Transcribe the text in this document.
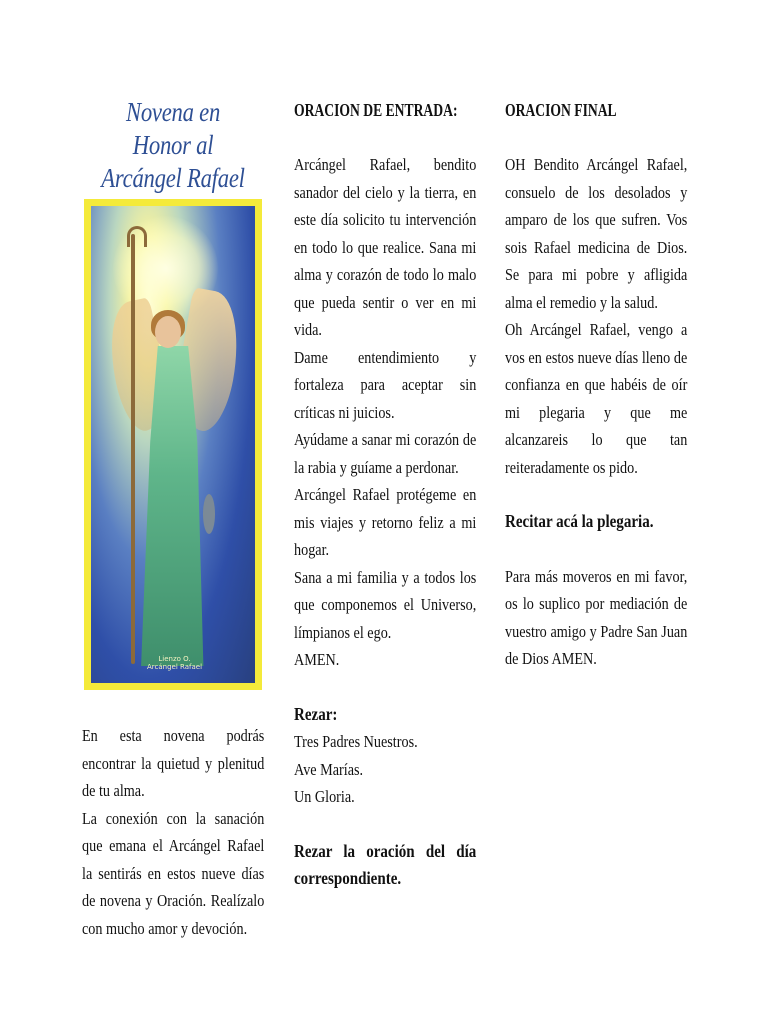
Novena en Honor al Arcángel Rafael
Lienzo O.
Arcángel Rafael

En esta novena podrás encontrar la quietud y plenitud de tu alma.

La conexión con la sanación que emana el Arcángel Rafael la sentirás en estos nueve días de novena y Oración. Realízalo con mucho amor y devoción.

ORACION DE ENTRADA:

Arcángel Rafael, bendito sanador del cielo y la tierra, en este día solicito tu intervención en todo lo que realice. Sana mi alma y corazón de todo lo malo que pueda sentir o ver en mi vida.

Dame entendimiento y fortaleza para aceptar sin críticas ni juicios.

Ayúdame a sanar mi corazón de la rabia y guíame a perdonar.

Arcángel Rafael protégeme en mis viajes y retorno feliz a mi hogar.

Sana a mi familia y a todos los que componemos el Universo, límpianos el ego.

AMEN.

Rezar:

Tres Padres Nuestros.

Ave Marías.

Un Gloria.

Rezar la oración del día correspondiente.

ORACION FINAL

OH Bendito Arcángel Rafael, consuelo de los desolados y amparo de los que sufren. Vos sois Rafael medicina de Dios. Se para mi pobre y afligida alma el remedio y la salud.

Oh Arcángel Rafael, vengo a vos en estos nueve días lleno de confianza en que habéis de oír mi plegaria y que me alcanzareis lo que tan reiteradamente os pido.

Recitar acá la plegaria.

Para más moveros en mi favor, os lo suplico por mediación de vuestro amigo y Padre San Juan de Dios AMEN.
